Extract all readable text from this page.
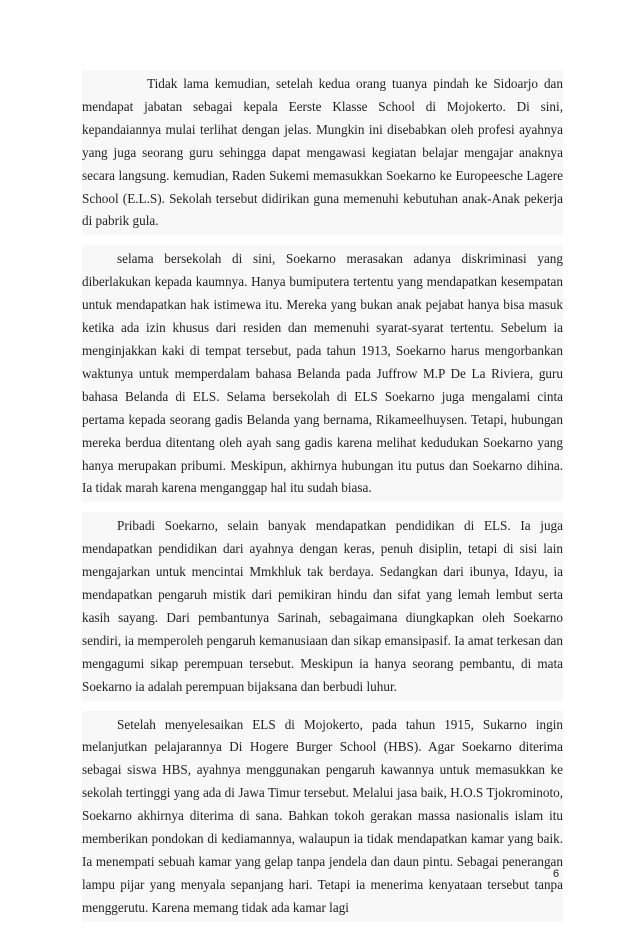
Tidak lama kemudian, setelah kedua orang tuanya pindah ke Sidoarjo dan mendapat jabatan sebagai kepala Eerste Klasse School di Mojokerto. Di sini, kepandaiannya mulai terlihat dengan jelas. Mungkin ini disebabkan oleh profesi ayahnya yang juga seorang guru sehingga dapat mengawasi kegiatan belajar mengajar anaknya secara langsung. kemudian, Raden Sukemi memasukkan Soekarno ke Europeesche Lagere School (E.L.S). Sekolah tersebut didirikan guna memenuhi kebutuhan anak-Anak pekerja di pabrik gula.

selama bersekolah di sini, Soekarno merasakan adanya diskriminasi yang diberlakukan kepada kaumnya. Hanya bumiputera tertentu yang mendapatkan kesempatan untuk mendapatkan hak istimewa itu. Mereka yang bukan anak pejabat hanya bisa masuk ketika ada izin khusus dari residen dan memenuhi syarat-syarat tertentu. Sebelum ia menginjakkan kaki di tempat tersebut, pada tahun 1913, Soekarno harus mengorbankan waktunya untuk memperdalam bahasa Belanda pada Juffrow M.P De La Riviera, guru bahasa Belanda di ELS. Selama bersekolah di ELS Soekarno juga mengalami cinta pertama kepada seorang gadis Belanda yang bernama, Rikameelhuysen. Tetapi, hubungan mereka berdua ditentang oleh ayah sang gadis karena melihat kedudukan Soekarno yang hanya merupakan pribumi. Meskipun, akhirnya hubungan itu putus dan Soekarno dihina. Ia tidak marah karena menganggap hal itu sudah biasa.

Pribadi Soekarno, selain banyak mendapatkan pendidikan di ELS. Ia juga mendapatkan pendidikan dari ayahnya dengan keras, penuh disiplin, tetapi di sisi lain mengajarkan untuk mencintai Mmkhluk tak berdaya. Sedangkan dari ibunya, Idayu, ia mendapatkan pengaruh mistik dari pemikiran hindu dan sifat yang lemah lembut serta kasih sayang. Dari pembantunya Sarinah, sebagaimana diungkapkan oleh Soekarno sendiri, ia memperoleh pengaruh kemanusiaan dan sikap emansipasif. Ia amat terkesan dan mengagumi sikap perempuan tersebut. Meskipun ia hanya seorang pembantu, di mata Soekarno ia adalah perempuan bijaksana dan berbudi luhur.

Setelah menyelesaikan ELS di Mojokerto, pada tahun 1915, Sukarno ingin melanjutkan pelajarannya Di Hogere Burger School (HBS). Agar Soekarno diterima sebagai siswa HBS, ayahnya menggunakan pengaruh kawannya untuk memasukkan ke sekolah tertinggi yang ada di Jawa Timur tersebut. Melalui jasa baik, H.O.S Tjokrominoto, Soekarno akhirnya diterima di sana. Bahkan tokoh gerakan massa nasionalis islam itu memberikan pondokan di kediamannya, walaupun ia tidak mendapatkan kamar yang baik. Ia menempati sebuah kamar yang gelap tanpa jendela dan daun pintu. Sebagai penerangan lampu pijar yang menyala sepanjang hari. Tetapi ia menerima kenyataan tersebut tanpa menggerutu. Karena memang tidak ada kamar lagi

6
